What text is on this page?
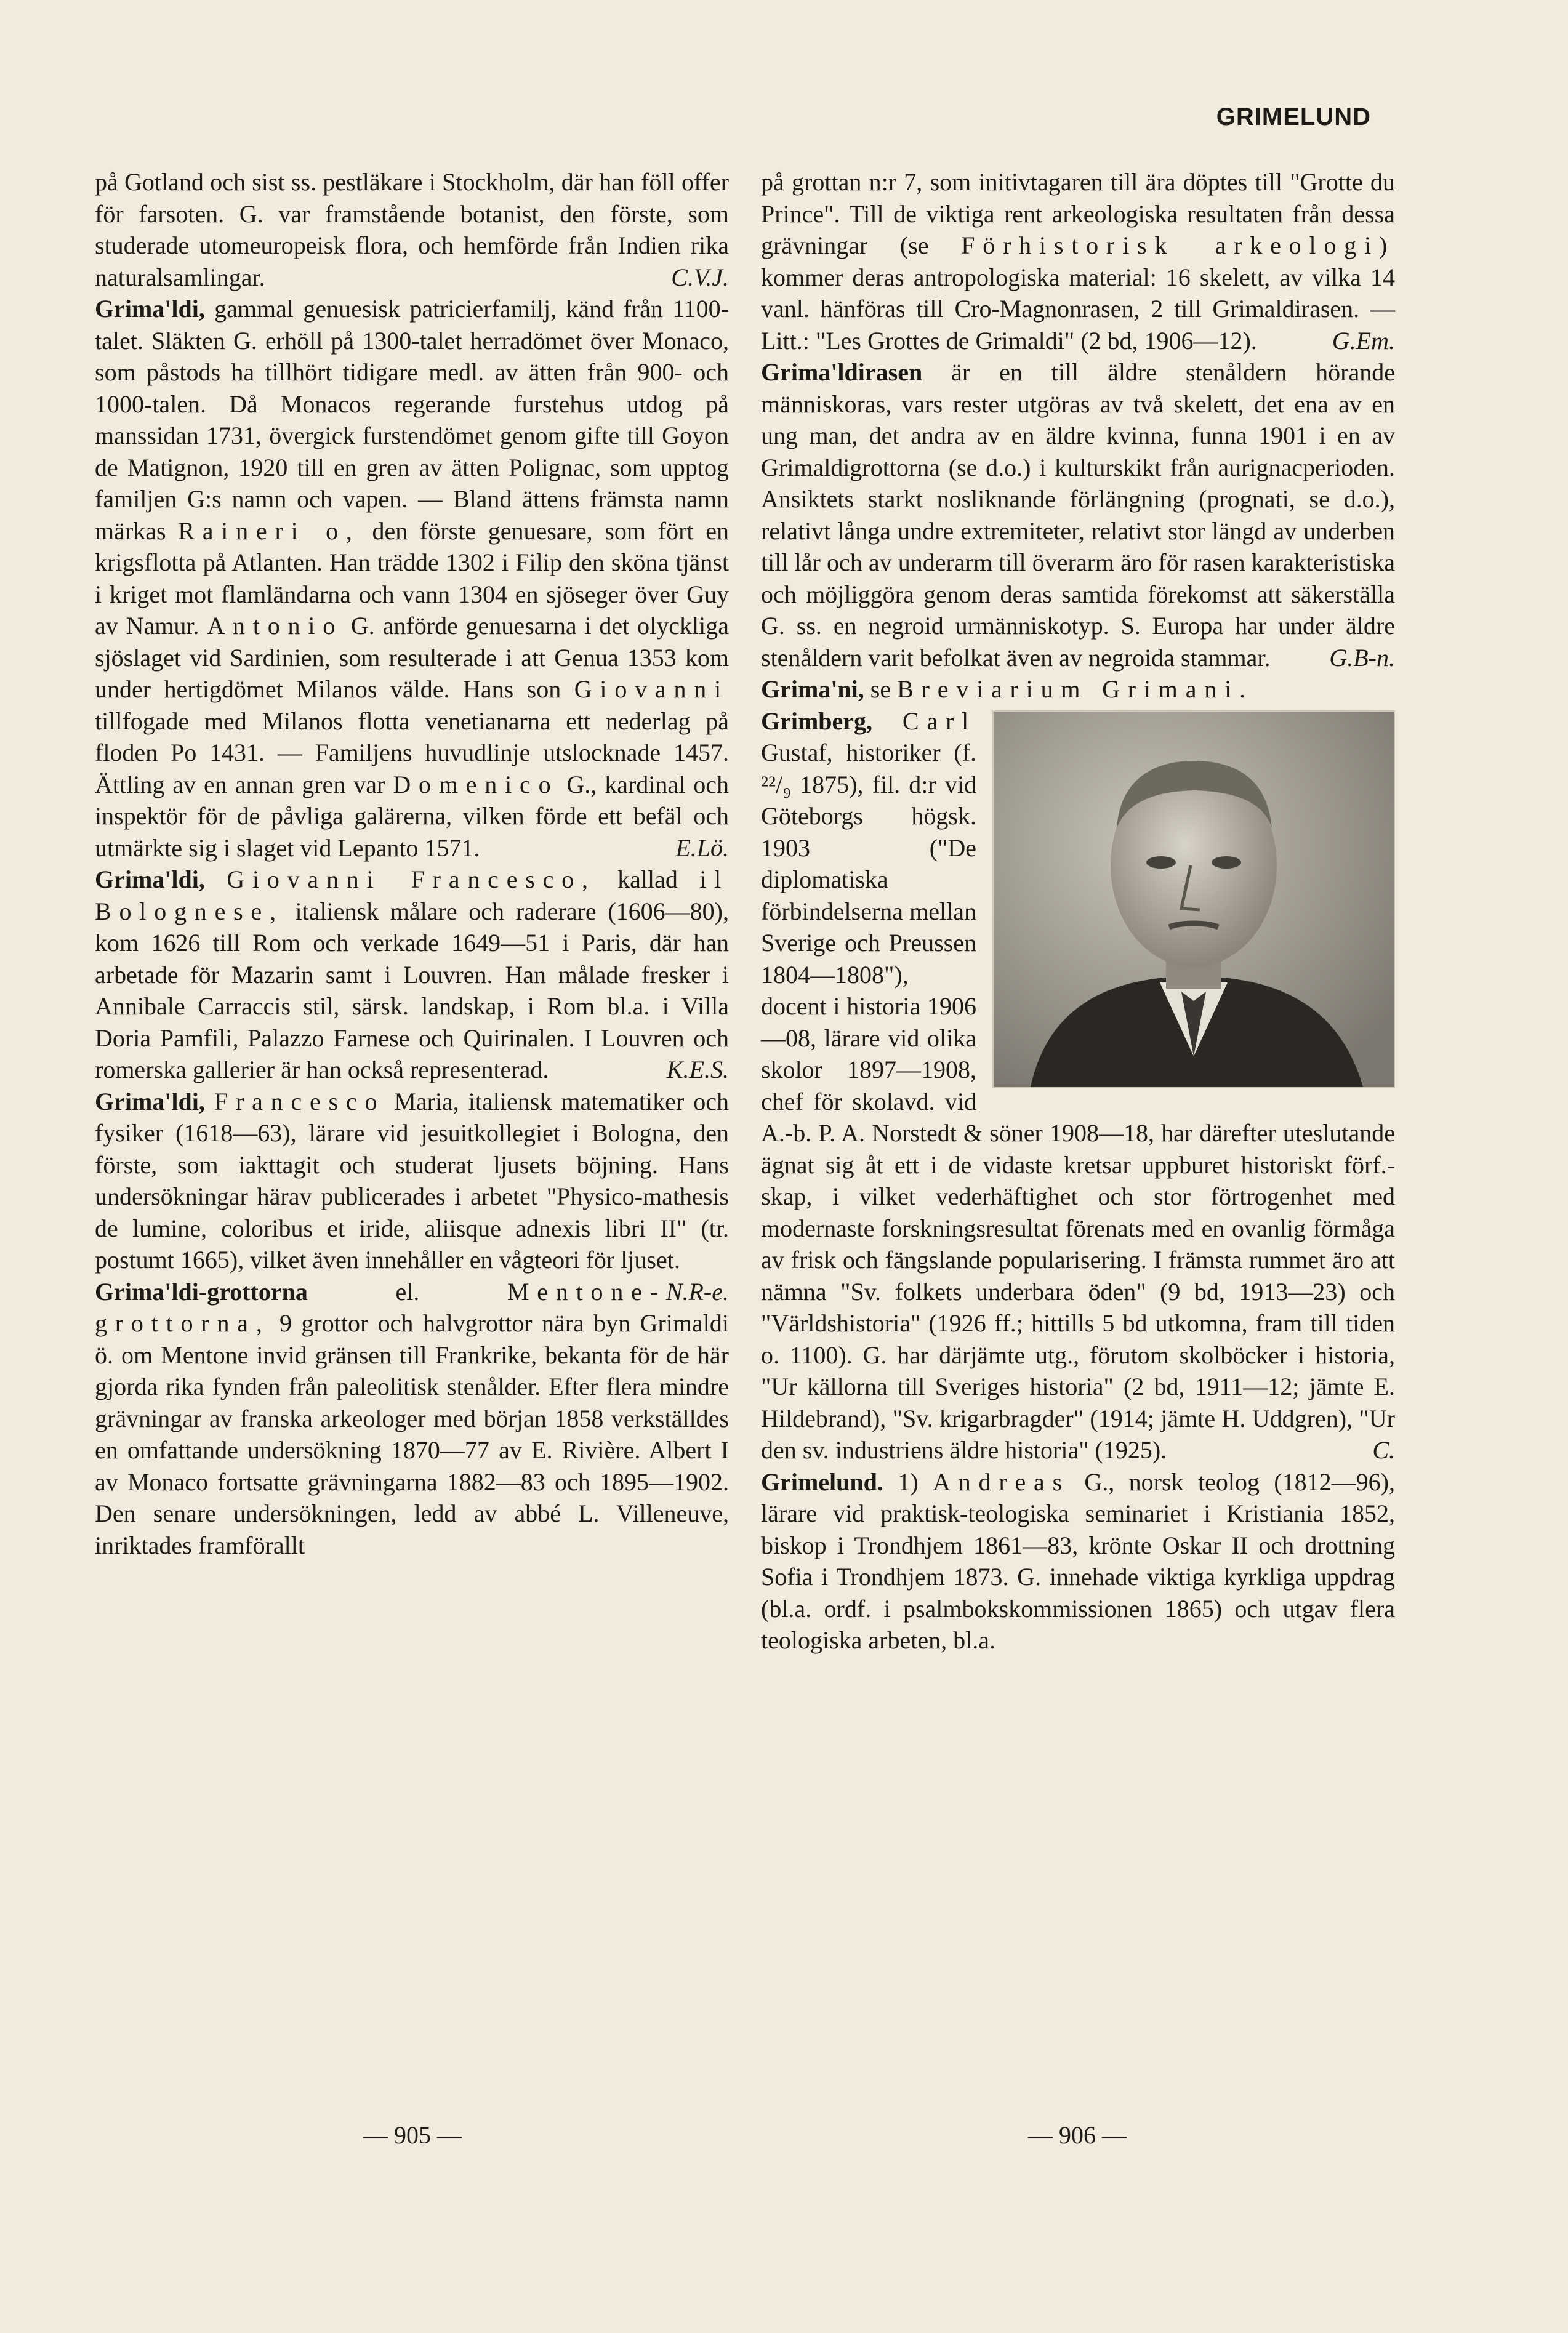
GRIMELUND

på Gotland och sist ss. pestläkare i Stockholm, där han föll offer för farsoten. G. var framstående botanist, den förste, som studerade utomeuropeisk flora, och hemförde från Indien rika naturalsamlingar.	C.V.J.

Grima'ldi, gammal genuesisk patricierfamilj, känd från 1100-talet. Släkten G. erhöll på 1300-talet herradömet över Monaco, som påstods ha tillhört tidigare medl. av ätten från 900- och 1000-talen. Då Monacos regerande furstehus utdog på manssidan 1731, övergick furstendömet genom gifte till Goyon de Matignon, 1920 till en gren av ätten Polignac, som upptog familjen G:s namn och vapen. — Bland ättens främsta namn märkas Raineri o, den förste genuesare, som fört en krigsflotta på Atlanten. Han trädde 1302 i Filip den sköna tjänst i kriget mot flamländarna och vann 1304 en sjöseger över Guy av Namur. Antonio G. anförde genuesarna i det olyckliga sjöslaget vid Sardinien, som resulterade i att Genua 1353 kom under hertigdömet Milanos välde. Hans son Giovanni tillfogade med Milanos flotta venetianarna ett nederlag på floden Po 1431. — Familjens huvudlinje utslocknade 1457. Ättling av en annan gren var Domenico G., kardinal och inspektör för de påvliga galärerna, vilken förde ett befäl och utmärkte sig i slaget vid Lepanto 1571.	E.Lö.

Grima'ldi, Giovanni Francesco, kallad il Bolognese, italiensk målare och raderare (1606—80), kom 1626 till Rom och verkade 1649—51 i Paris, där han arbetade för Mazarin samt i Louvren. Han målade fresker i Annibale Carraccis stil, särsk. landskap, i Rom bl.a. i Villa Doria Pamfili, Palazzo Farnese och Quirinalen. I Louvren och romerska gallerier är han också representerad.	K.E.S.

Grima'ldi, Francesco Maria, italiensk matematiker och fysiker (1618—63), lärare vid jesuitkollegiet i Bologna, den förste, som iakttagit och studerat ljusets böjning. Hans undersökningar härav publicerades i arbetet "Physico-mathesis de lumine, coloribus et iride, aliisque adnexis libri II" (tr. postumt 1665), vilket även innehåller en vågteori för ljuset.
N.R-e.

Grima'ldi-grottorna el. Mentone-grottorna, 9 grottor och halvgrottor nära byn Grimaldi ö. om Mentone invid gränsen till Frankrike, bekanta för de här gjorda rika fynden från paleolitisk stenålder. Efter flera mindre grävningar av franska arkeologer med början 1858 verkställdes en omfattande undersökning 1870—77 av E. Rivière. Albert I av Monaco fortsatte grävningarna 1882—83 och 1895—1902. Den senare undersökningen, ledd av abbé L. Villeneuve, inriktades framförallt

på grottan n:r 7, som initivtagaren till ära döptes till "Grotte du Prince". Till de viktiga rent arkeologiska resultaten från dessa grävningar (se Förhistorisk arkeologi) kommer deras antropologiska material: 16 skelett, av vilka 14 vanl. hänföras till Cro-Magnonrasen, 2 till Grimaldirasen. — Litt.: "Les Grottes de Grimaldi" (2 bd, 1906—12).	G.Em.

Grima'ldirasen är en till äldre stenåldern hörande människoras, vars rester utgöras av två skelett, det ena av en ung man, det andra av en äldre kvinna, funna 1901 i en av Grimaldigrottorna (se d.o.) i kulturskikt från aurignacperioden. Ansiktets starkt nosliknande förlängning (prognati, se d.o.), relativt långa undre extremiteter, relativt stor längd av underben till lår och av underarm till överarm äro för rasen karakteristiska och möjliggöra genom deras samtida förekomst att säkerställa G. ss. en negroid urmänniskotyp. S. Europa har under äldre stenåldern varit befolkat även av negroida stammar. G.B-n.

Grima'ni, se Breviarium Grimani.

Grimberg, Carl Gustaf, historiker (f. ²²/₉ 1875), fil. d:r vid Göteborgs högsk. 1903 ("De diplomatiska förbindelserna mellan Sverige och Preussen 1804—1808"), docent i historia 1906—08, lärare vid olika skolor 1897—1908, chef för skolavd. vid A.-b. P. A. Norstedt & söner 1908—18, har därefter uteslutande ägnat sig åt ett i de vidaste kretsar uppburet historiskt förf.-skap, i vilket vederhäftighet och stor förtrogenhet med modernaste forskningsresultat förenats med en ovanlig förmåga av frisk och fängslande popularisering. I främsta rummet äro att nämna "Sv. folkets underbara öden" (9 bd, 1913—23) och "Världshistoria" (1926 ff.; hittills 5 bd utkomna, fram till tiden o. 1100). G. har därjämte utg., förutom skolböcker i historia, "Ur källorna till Sveriges historia" (2 bd, 1911—12; jämte E. Hildebrand), "Sv. krigarbragder" (1914; jämte H. Uddgren), "Ur den sv. industriens äldre historia" (1925).	C.

Grimelund. 1) Andreas G., norsk teolog (1812—96), lärare vid praktisk-teologiska seminariet i Kristiania 1852, biskop i Trondhjem 1861—83, krönte Oskar II och drottning Sofia i Trondhjem 1873. G. innehade viktiga kyrkliga uppdrag (bl.a. ordf. i psalmbokskommissionen 1865) och utgav flera teologiska arbeten, bl.a.

— 905 —	— 906 —
